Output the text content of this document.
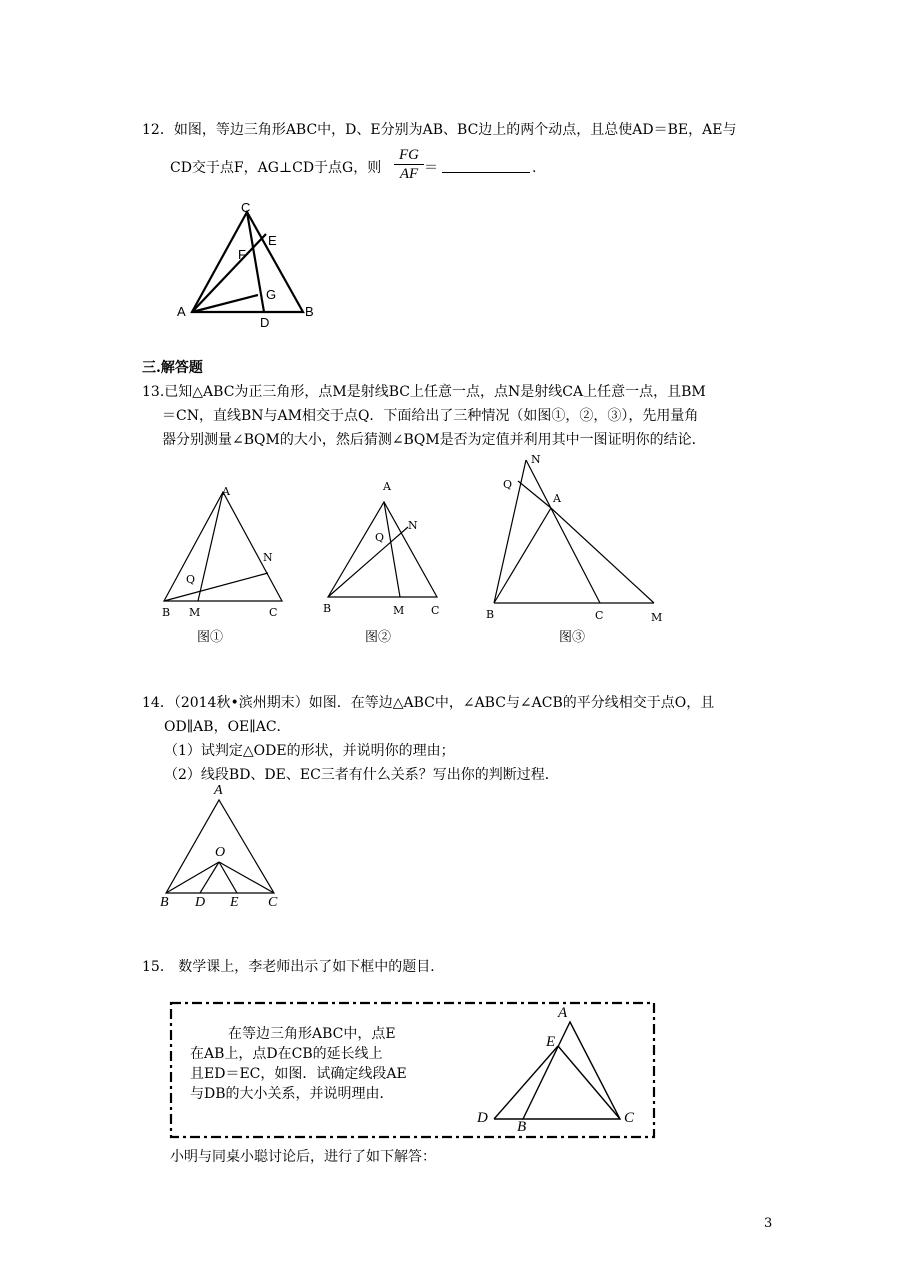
12．如图，等边三角形ABC中，D、E分别为AB、BC边上的两个动点，且总使AD＝BE，AE与
CD交于点F，AG⊥CD于点G，则 $\frac{FG}{AF}$ ＝	.
C
E
F
G
A
D
B
三.解答题
13.已知△ABC为正三角形，点M是射线BC上任意一点，点N是射线CA上任意一点，且BM
＝CN，直线BN与AM相交于点Q．下面给出了三种情况（如图①，②，③），先用量角
器分别测量∠BQM的大小，然后猜测∠BQM是否为定值并利用其中一图证明你的结论．
A
N
Q
B M	C
图①
A
N
Q
B	M C
图②
N
Q
A
B	C	M
图③
14．（2014秋•滨州期末）如图．在等边△ABC中，∠ABC与∠ACB的平分线相交于点O，且
OD∥AB，OE∥AC．
（1）试判定△ODE的形状，并说明你的理由；
（2）线段BD、DE、EC三者有什么关系？写出你的判断过程．
A
O
B D E C
15． 数学课上，李老师出示了如下框中的题目．
在等边三角形ABC中，点E
在AB上，点D在CB的延长线上
且ED＝EC，如图．试确定线段AE
与DB的大小关系，并说明理由．
A
E
D
B
C
小明与同桌小聪讨论后，进行了如下解答：
3
